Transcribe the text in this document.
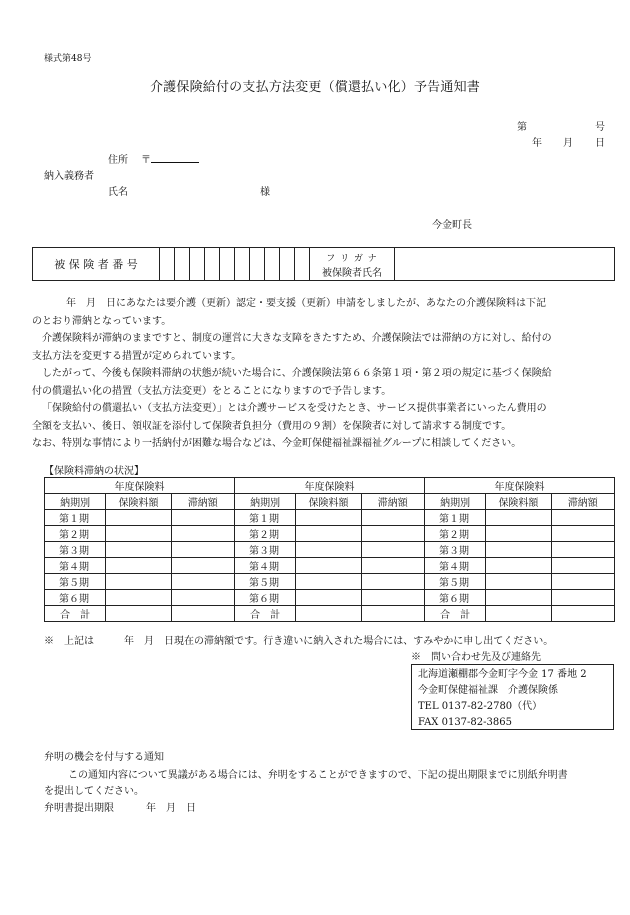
様式第48号
介護保険給付の支払方法変更（償還払い化）予告通知書
第	号
年 月 日
住所 〒
納入義務者
氏名	様
今金町長
被 保 険 者 番 号											フ リ ガ ナ
被保険者氏名

年　月　日にあなたは要介護（更新）認定・要支援（更新）申請をしましたが、あなたの介護保険料は下記

のとおり滞納となっています。

介護保険料が滞納のままですと、制度の運営に大きな支障をきたすため、介護保険法では滞納の方に対し、給付の

支払方法を変更する措置が定められています。

したがって、今後も保険料滞納の状態が続いた場合に、介護保険法第６６条第１項・第２項の規定に基づく保険給

付の償還払い化の措置（支払方法変更）をとることになりますので予告します。

「保険給付の償還払い（支払方法変更）」とは介護サービスを受けたとき、サービス提供事業者にいったん費用の

全額を支払い、後日、領収証を添付して保険者負担分（費用の９割）を保険者に対して請求する制度です。

なお、特別な事情により一括納付が困難な場合などは、今金町保健福祉課福祉グループに相談してください。

【保険料滞納の状況】
年度保険料			年度保険料			年度保険料		
納期別	保険料額	滞納額	納期別	保険料額	滞納額	納期別	保険料額	滞納額
第１期			第１期			第１期		
第２期			第２期			第２期		
第３期			第３期			第３期		
第４期			第４期			第４期		
第５期			第５期			第５期		
第６期			第６期			第６期		
合　計			合　計			合　計		
※　上記は　　　年　月　日現在の滞納額です。行き違いに納入された場合には、すみやかに申し出てください。
※　問い合わせ先及び連絡先
北海道瀬棚郡今金町字今金 17 番地 2
今金町保健福祉課　介護保険係
TEL 0137-82-2780（代）
FAX 0137-82-3865
弁明の機会を付与する通知
この通知内容について異議がある場合には、弁明をすることができますので、下記の提出期限までに別紙弁明書
を提出してください。
弁明書提出期限	年　月　日
